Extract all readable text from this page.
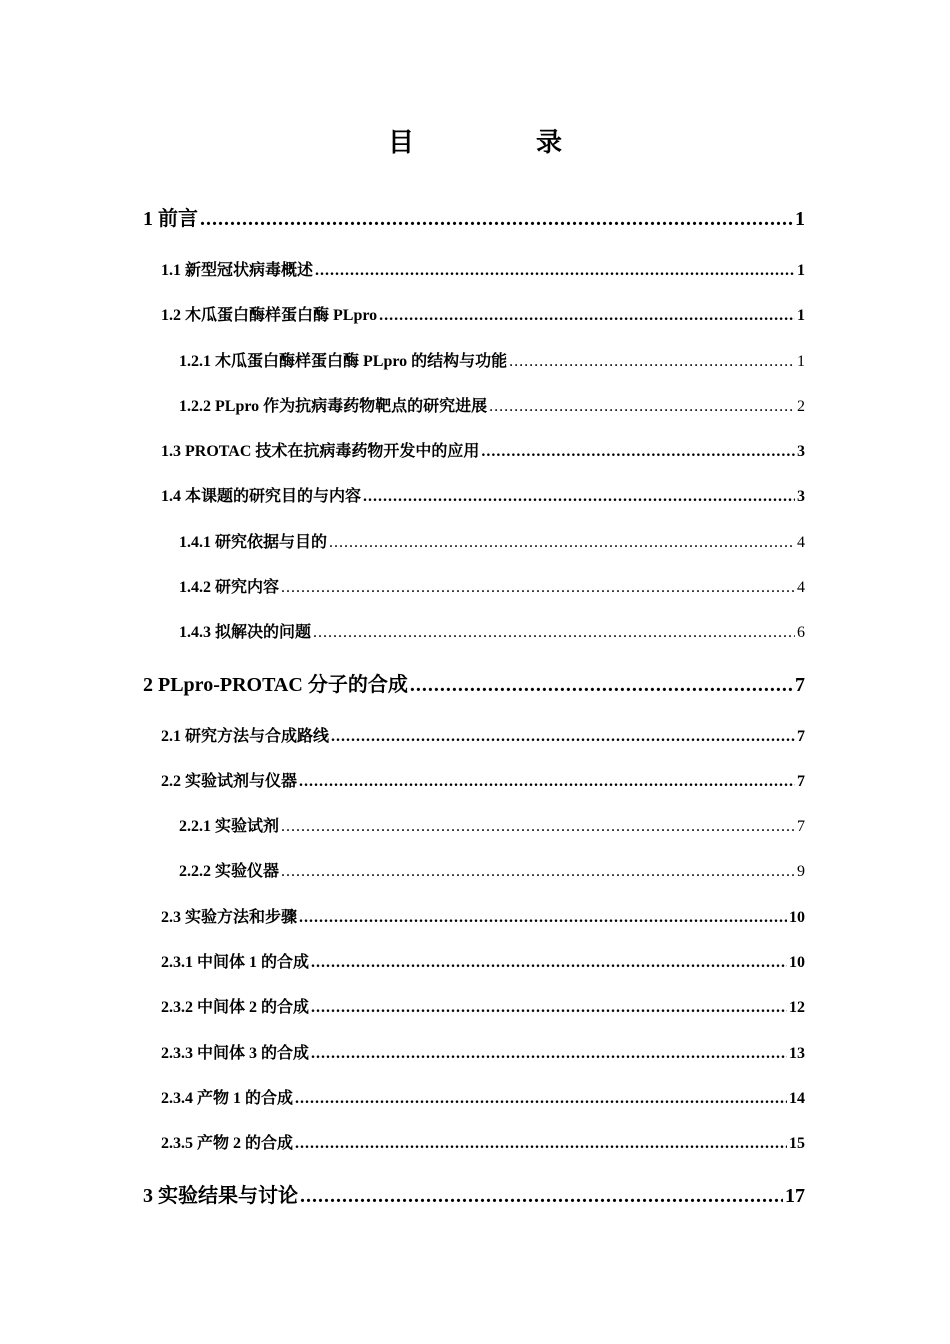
目　录
1 前言 .....	1
1.1 新型冠状病毒概述 .....	1
1.2 木瓜蛋白酶样蛋白酶 PLpro .....	1
1.2.1 木瓜蛋白酶样蛋白酶 PLpro 的结构与功能 .....	1
1.2.2 PLpro 作为抗病毒药物靶点的研究进展 .....	2
1.3 PROTAC 技术在抗病毒药物开发中的应用 .....	3
1.4 本课题的研究目的与内容 .....	3
1.4.1 研究依据与目的 .....	4
1.4.2 研究内容 .....	4
1.4.3 拟解决的问题 .....	6
2 PLpro-PROTAC 分子的合成 .....	7
2.1 研究方法与合成路线 .....	7
2.2 实验试剂与仪器 .....	7
2.2.1 实验试剂 .....	7
2.2.2 实验仪器 .....	9
2.3 实验方法和步骤 .....	10
2.3.1 中间体 1 的合成 .....	10
2.3.2 中间体 2 的合成 .....	12
2.3.3 中间体 3 的合成 .....	13
2.3.4 产物 1 的合成 .....	14
2.3.5 产物 2 的合成 .....	15
3 实验结果与讨论 .....	17
